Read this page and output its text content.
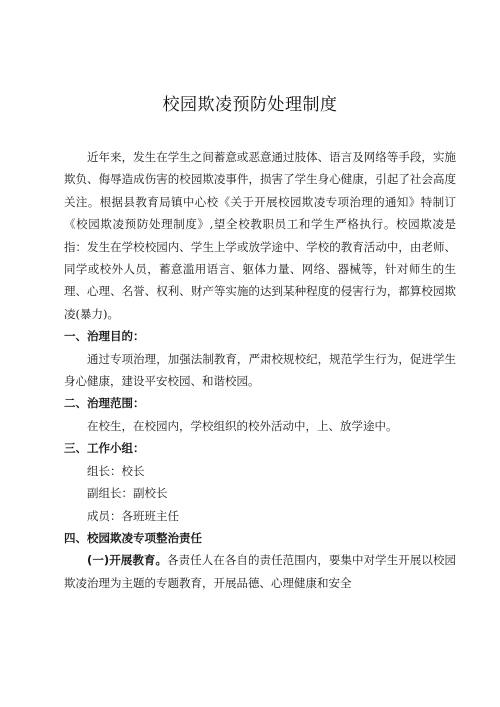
校园欺凌预防处理制度

近年来，发生在学生之间蓄意或恶意通过肢体、语言及网络等手段，实施欺负、侮辱造成伤害的校园欺凌事件，损害了学生身心健康，引起了社会高度关注。根据县教育局镇中心校《关于开展校园欺凌专项治理的通知》特制订《校园欺凌预防处理制度》,望全校教职员工和学生严格执行。校园欺凌是指：发生在学校校园内、学生上学或放学途中、学校的教育活动中，由老师、同学或校外人员，蓄意滥用语言、躯体力量、网络、器械等，针对师生的生理、心理、名誉、权利、财产等实施的达到某种程度的侵害行为，都算校园欺凌(暴力)。

一、治理目的：

通过专项治理，加强法制教育，严肃校规校纪，规范学生行为，促进学生身心健康，建设平安校园、和谐校园。

二、治理范围：

在校生，在校园内，学校组织的校外活动中，上、放学途中。

三、工作小组：

组长：校长

副组长：副校长

成员：各班班主任

四、校园欺凌专项整治责任

(一)开展教育。各责任人在各自的责任范围内，要集中对学生开展以校园欺凌治理为主题的专题教育，开展品德、心理健康和安全
